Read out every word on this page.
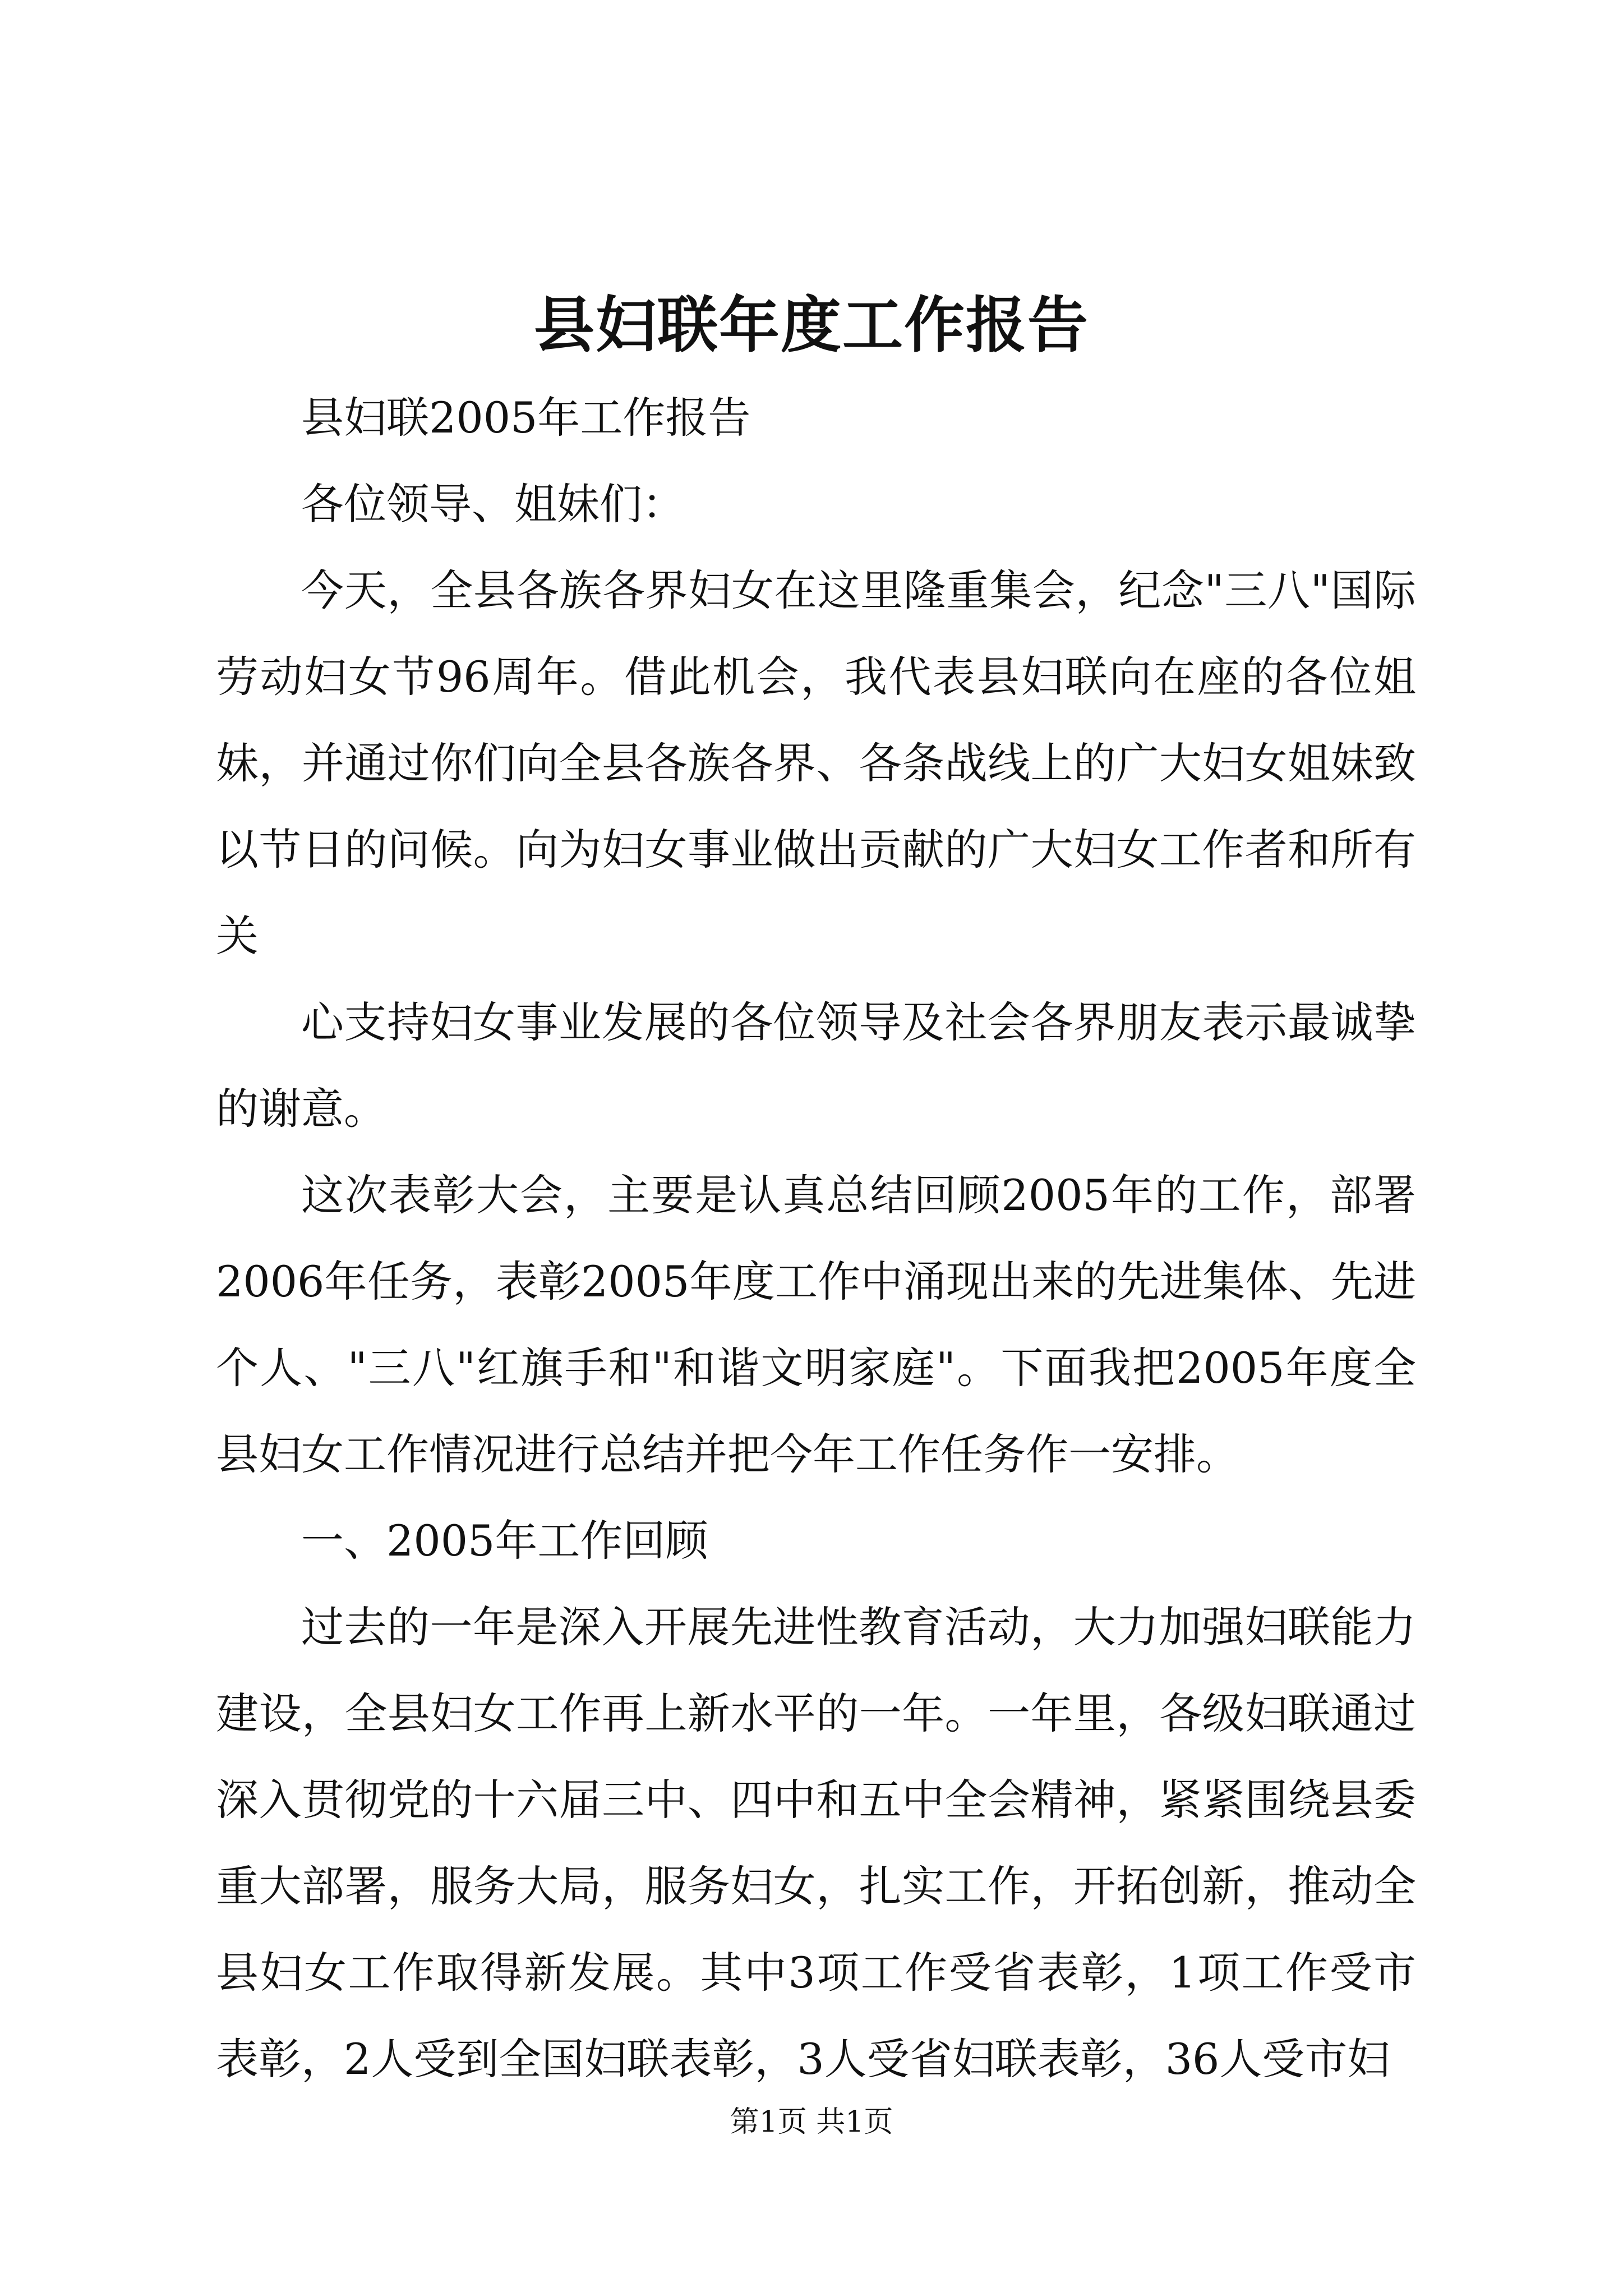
县妇联年度工作报告

县妇联2005年工作报告

各位领导、姐妹们：

今天，全县各族各界妇女在这里隆重集会，纪念"三八"国际劳动妇女节96周年。借此机会，我代表县妇联向在座的各位姐妹，并通过你们向全县各族各界、各条战线上的广大妇女姐妹致以节日的问候。向为妇女事业做出贡献的广大妇女工作者和所有关

心支持妇女事业发展的各位领导及社会各界朋友表示最诚挚的谢意。

这次表彰大会，主要是认真总结回顾2005年的工作，部署2006年任务，表彰2005年度工作中涌现出来的先进集体、先进个人、"三八"红旗手和"和谐文明家庭"。下面我把2005年度全县妇女工作情况进行总结并把今年工作任务作一安排。

一、2005年工作回顾

过去的一年是深入开展先进性教育活动，大力加强妇联能力建设，全县妇女工作再上新水平的一年。一年里，各级妇联通过深入贯彻党的十六届三中、四中和五中全会精神，紧紧围绕县委重大部署，服务大局，服务妇女，扎实工作，开拓创新，推动全县妇女工作取得新发展。其中3项工作受省表彰，1项工作受市表彰，2人受到全国妇联表彰，3人受省妇联表彰，36人受市妇

第1页 共1页
